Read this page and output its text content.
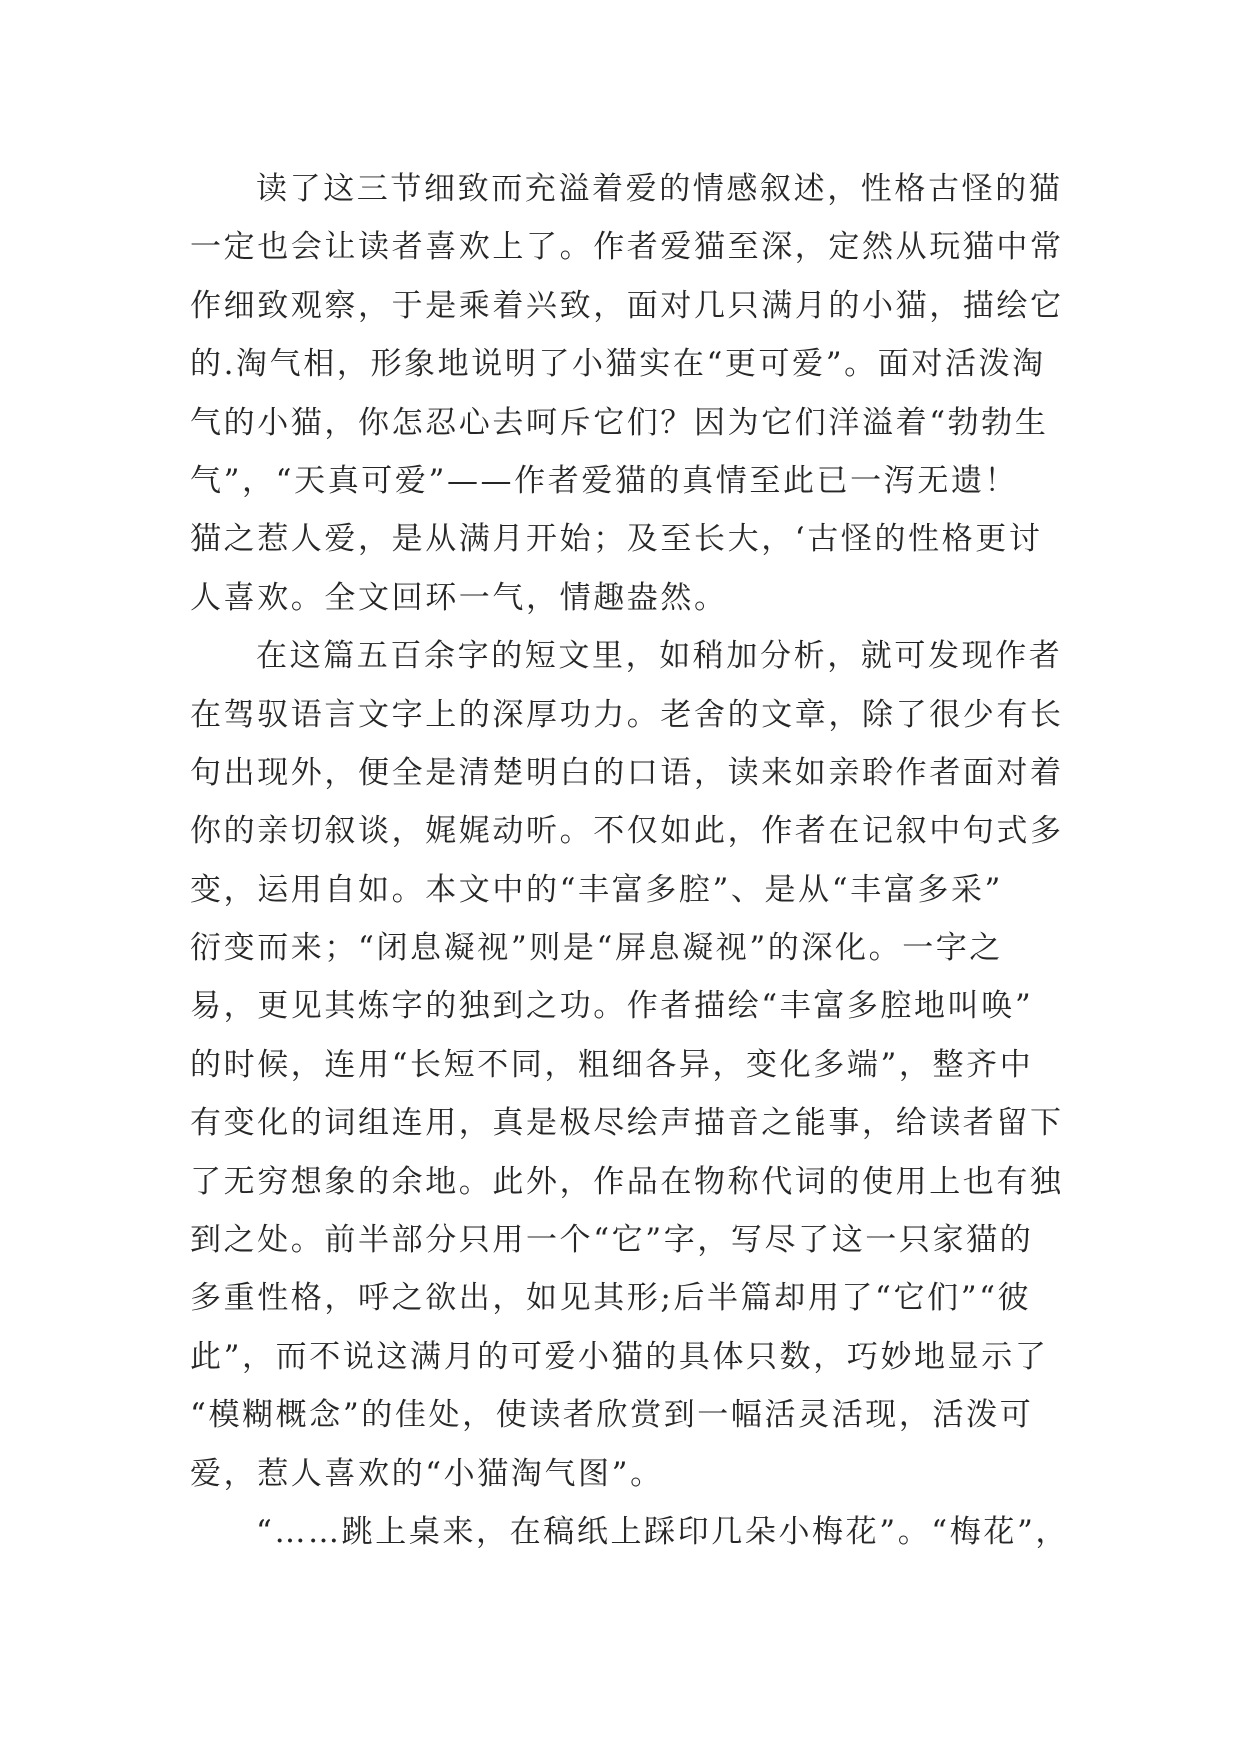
读了这三节细致而充溢着爱的情感叙述，性格古怪的猫
一定也会让读者喜欢上了。作者爱猫至深，定然从玩猫中常
作细致观察，于是乘着兴致，面对几只满月的小猫，描绘它
的.淘气相，形象地说明了小猫实在“更可爱”。面对活泼淘
气的小猫，你怎忍心去呵斥它们？因为它们洋溢着“勃勃生
气”，“天真可爱”——作者爱猫的真情至此已一泻无遗！
猫之惹人爱，是从满月开始；及至长大，‘古怪的性格更讨
人喜欢。全文回环一气，情趣盎然。
在这篇五百余字的短文里，如稍加分析，就可发现作者
在驾驭语言文字上的深厚功力。老舍的文章，除了很少有长
句出现外，便全是清楚明白的口语，读来如亲聆作者面对着
你的亲切叙谈，娓娓动听。不仅如此，作者在记叙中句式多
变，运用自如。本文中的“丰富多腔”、是从“丰富多采”
衍变而来；“闭息凝视”则是“屏息凝视”的深化。一字之
易，更见其炼字的独到之功。作者描绘“丰富多腔地叫唤”
的时候，连用“长短不同，粗细各异，变化多端”，整齐中
有变化的词组连用，真是极尽绘声描音之能事，给读者留下
了无穷想象的余地。此外，作品在物称代词的使用上也有独
到之处。前半部分只用一个“它”字，写尽了这一只家猫的
多重性格，呼之欲出，如见其形;后半篇却用了“它们”“彼
此”，而不说这满月的可爱小猫的具体只数，巧妙地显示了
“模糊概念”的佳处，使读者欣赏到一幅活灵活现，活泼可
爱，惹人喜欢的“小猫淘气图”。
“……跳上桌来，在稿纸上踩印几朵小梅花”。“梅花”，
